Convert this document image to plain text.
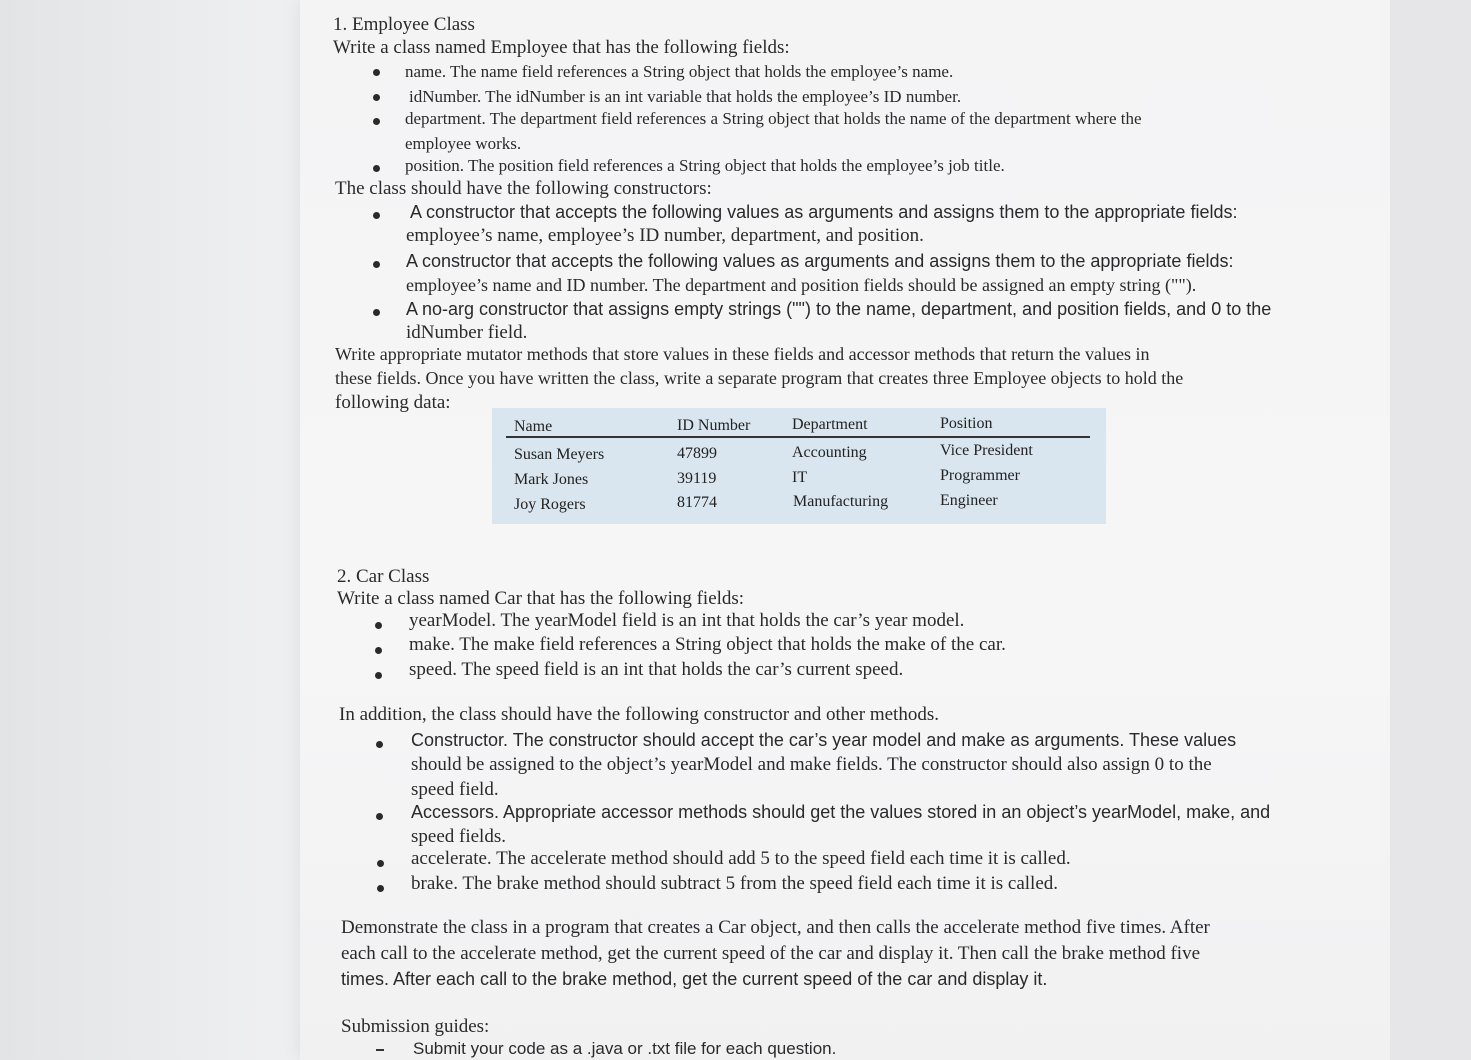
1. Employee Class
Write a class named Employee that has the following fields:
name. The name field references a String object that holds the employee’s name.
idNumber. The idNumber is an int variable that holds the employee’s ID number.
department. The department field references a String object that holds the name of the department where the
employee works.
position. The position field references a String object that holds the employee’s job title.
The class should have the following constructors:
A constructor that accepts the following values as arguments and assigns them to the appropriate fields:
employee’s name, employee’s ID number, department, and position.
A constructor that accepts the following values as arguments and assigns them to the appropriate fields:
employee’s name and ID number. The department and position fields should be assigned an empty string ("").
A no-arg constructor that assigns empty strings ("") to the name, department, and position fields, and 0 to the
idNumber field.
Write appropriate mutator methods that store values in these fields and accessor methods that return the values in
these fields. Once you have written the class, write a separate program that creates three Employee objects to hold the
following data:
Name	ID Number	Department	Position
Susan Meyers	47899	Accounting	Vice President
Mark Jones	39119	IT	Programmer
Joy Rogers	81774	Manufacturing	Engineer
2. Car Class
Write a class named Car that has the following fields:
yearModel. The yearModel field is an int that holds the car’s year model.
make. The make field references a String object that holds the make of the car.
speed. The speed field is an int that holds the car’s current speed.
In addition, the class should have the following constructor and other methods.
Constructor. The constructor should accept the car’s year model and make as arguments. These values
should be assigned to the object’s yearModel and make fields. The constructor should also assign 0 to the
speed field.
Accessors. Appropriate accessor methods should get the values stored in an object’s yearModel, make, and
speed fields.
accelerate. The accelerate method should add 5 to the speed field each time it is called.
brake. The brake method should subtract 5 from the speed field each time it is called.
Demonstrate the class in a program that creates a Car object, and then calls the accelerate method five times. After
each call to the accelerate method, get the current speed of the car and display it. Then call the brake method five
times. After each call to the brake method, get the current speed of the car and display it.
Submission guides:
Submit your code as a .java or .txt file for each question.
